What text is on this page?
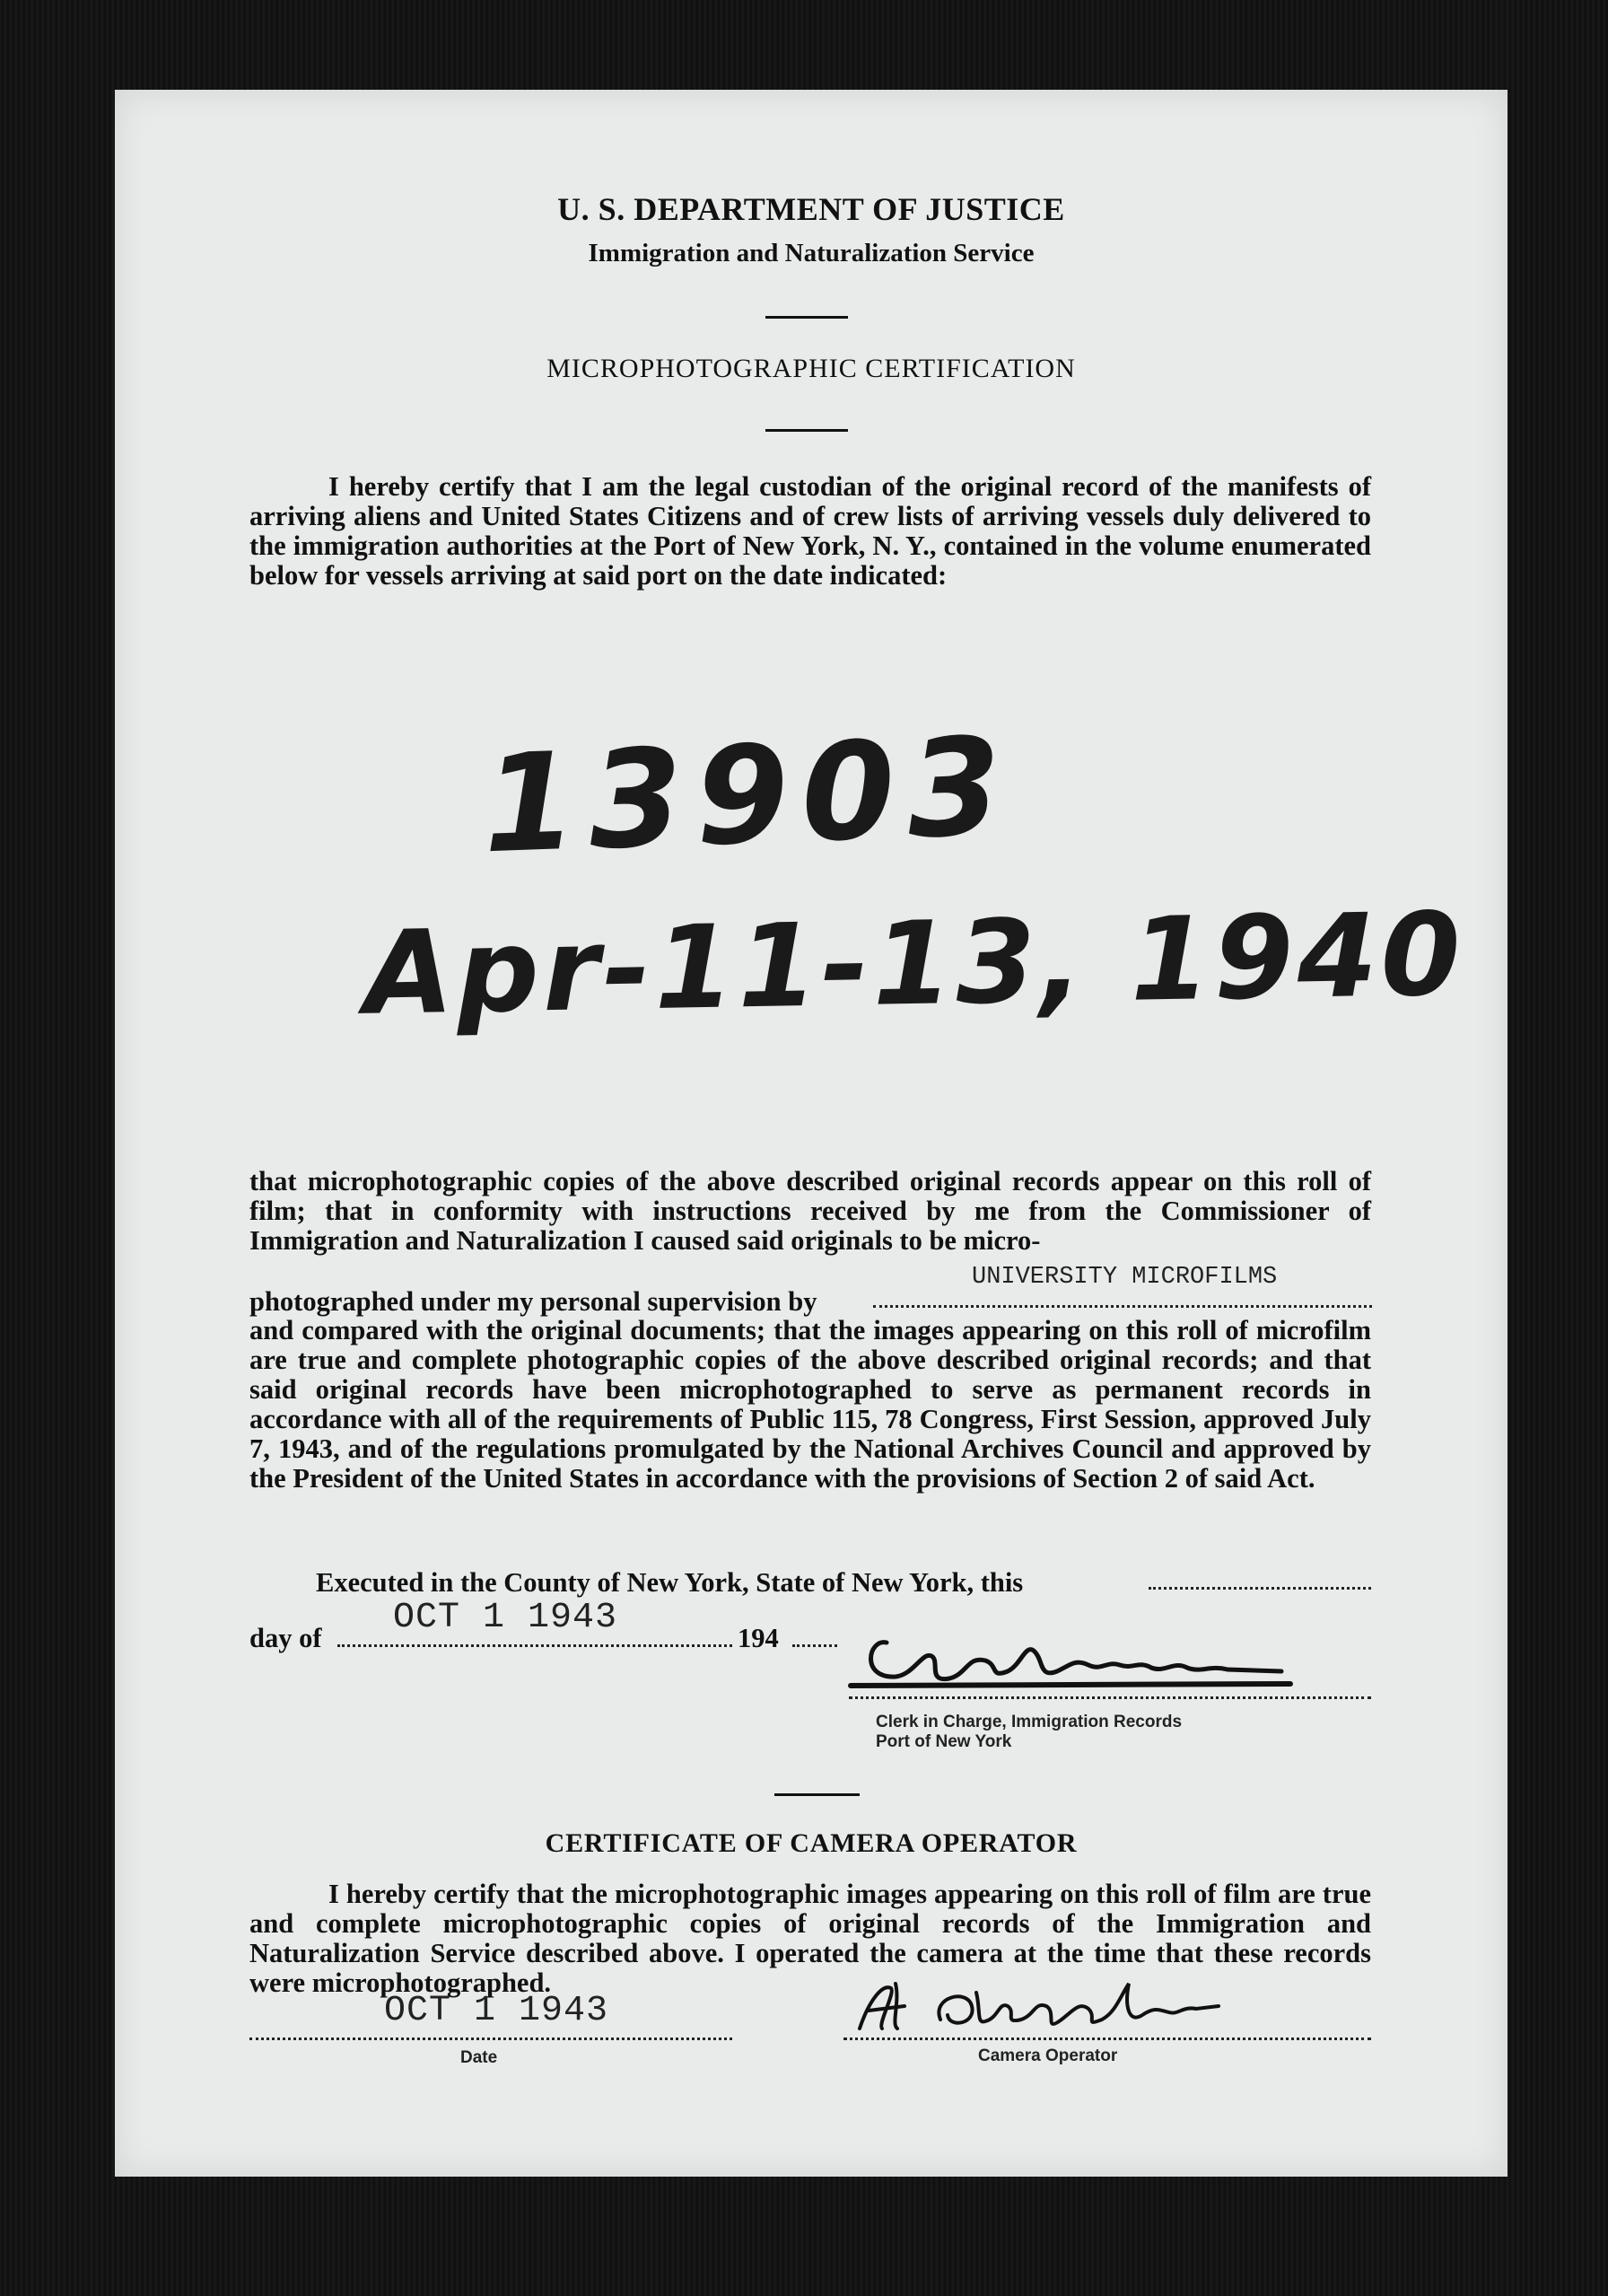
U. S. DEPARTMENT OF JUSTICE
Immigration and Naturalization Service
MICROPHOTOGRAPHIC CERTIFICATION
I hereby certify that I am the legal custodian of the original record of the manifests of arriving aliens and United States Citizens and of crew lists of arriving vessels duly delivered to the immigration authorities at the Port of New York, N. Y., contained in the volume enumerated below for vessels arriving at said port on the date indicated:
13903
Apr-11-13, 1940
that microphotographic copies of the above described original records appear on this roll of film; that in conformity with instructions received by me from the Commissioner of Immigration and Naturalization I caused said originals to be micro-
photographed under my personal supervision by
UNIVERSITY MICROFILMS
and compared with the original documents; that the images appearing on this roll of microfilm are true and complete photographic copies of the above described original records; and that said original records have been microphotographed to serve as permanent records in accordance with all of the requirements of Public 115, 78 Congress, First Session, approved July 7, 1943, and of the regulations promulgated by the National Archives Council and approved by the President of the United States in accordance with the provisions of Section 2 of said Act.
Executed in the County of New York, State of New York, this
day of OCT 1 1943	194
Clerk in Charge, Immigration Records
Port of New York
CERTIFICATE OF CAMERA OPERATOR
I hereby certify that the microphotographic images appearing on this roll of film are true and complete microphotographic copies of original records of the Immigration and Naturalization Service described above. I operated the camera at the time that these records were microphotographed.
OCT 1 1943
Date	Camera Operator
